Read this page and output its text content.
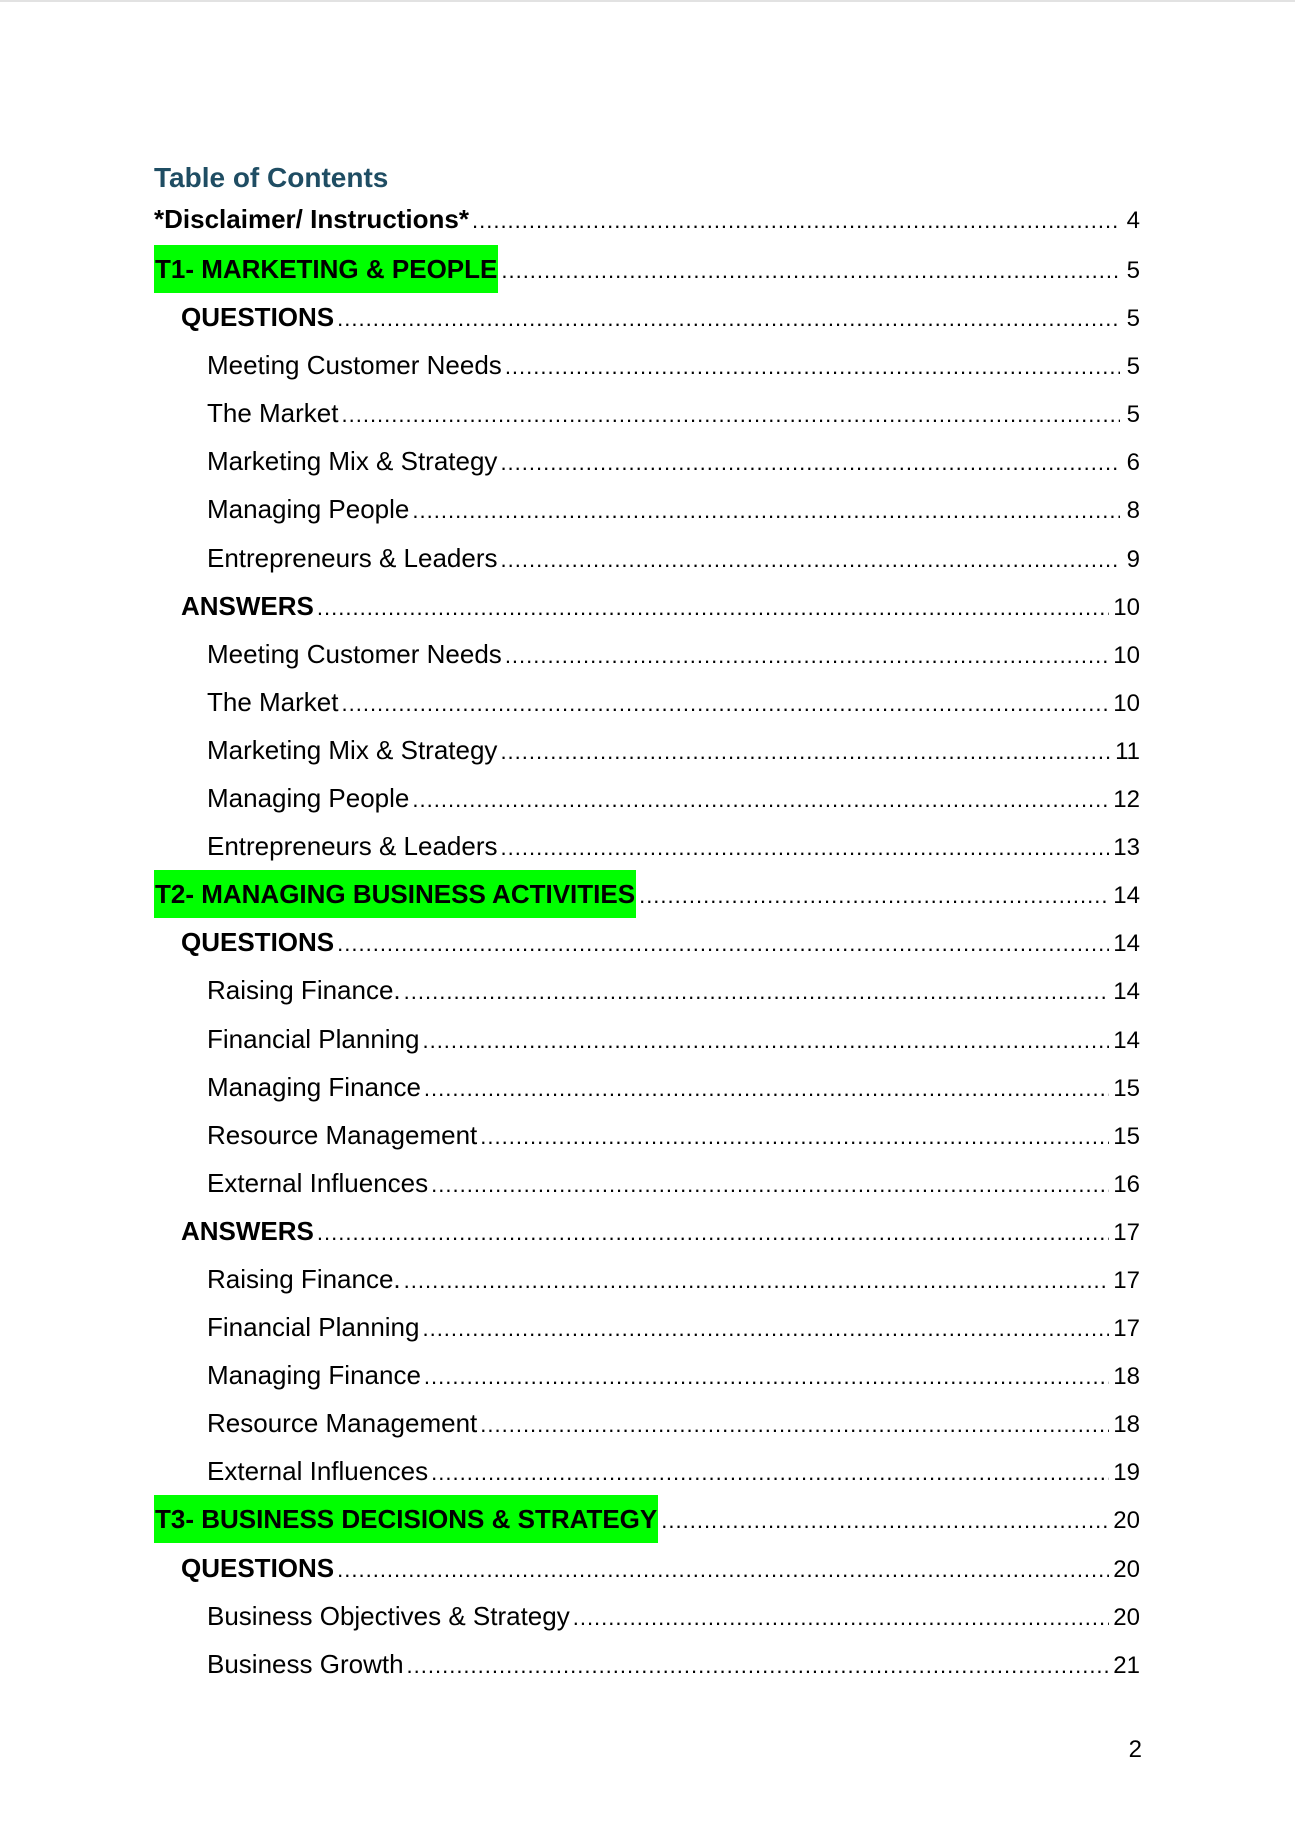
Table of Contents
*Disclaimer/ Instructions* .....	4
T1- MARKETING & PEOPLE .....	5
QUESTIONS .....	5
Meeting Customer Needs .....	5
The Market .....	5
Marketing Mix & Strategy .....	6
Managing People .....	8
Entrepreneurs & Leaders .....	9
ANSWERS .....	10
Meeting Customer Needs .....	10
The Market .....	10
Marketing Mix & Strategy .....	11
Managing People .....	12
Entrepreneurs & Leaders .....	13
T2- MANAGING BUSINESS ACTIVITIES .....	14
QUESTIONS .....	14
Raising Finance. .....	14
Financial Planning .....	14
Managing Finance .....	15
Resource Management .....	15
External Influences .....	16
ANSWERS .....	17
Raising Finance. .....	17
Financial Planning .....	17
Managing Finance .....	18
Resource Management .....	18
External Influences .....	19
T3- BUSINESS DECISIONS & STRATEGY .....	20
QUESTIONS .....	20
Business Objectives & Strategy .....	20
Business Growth .....	21
2
